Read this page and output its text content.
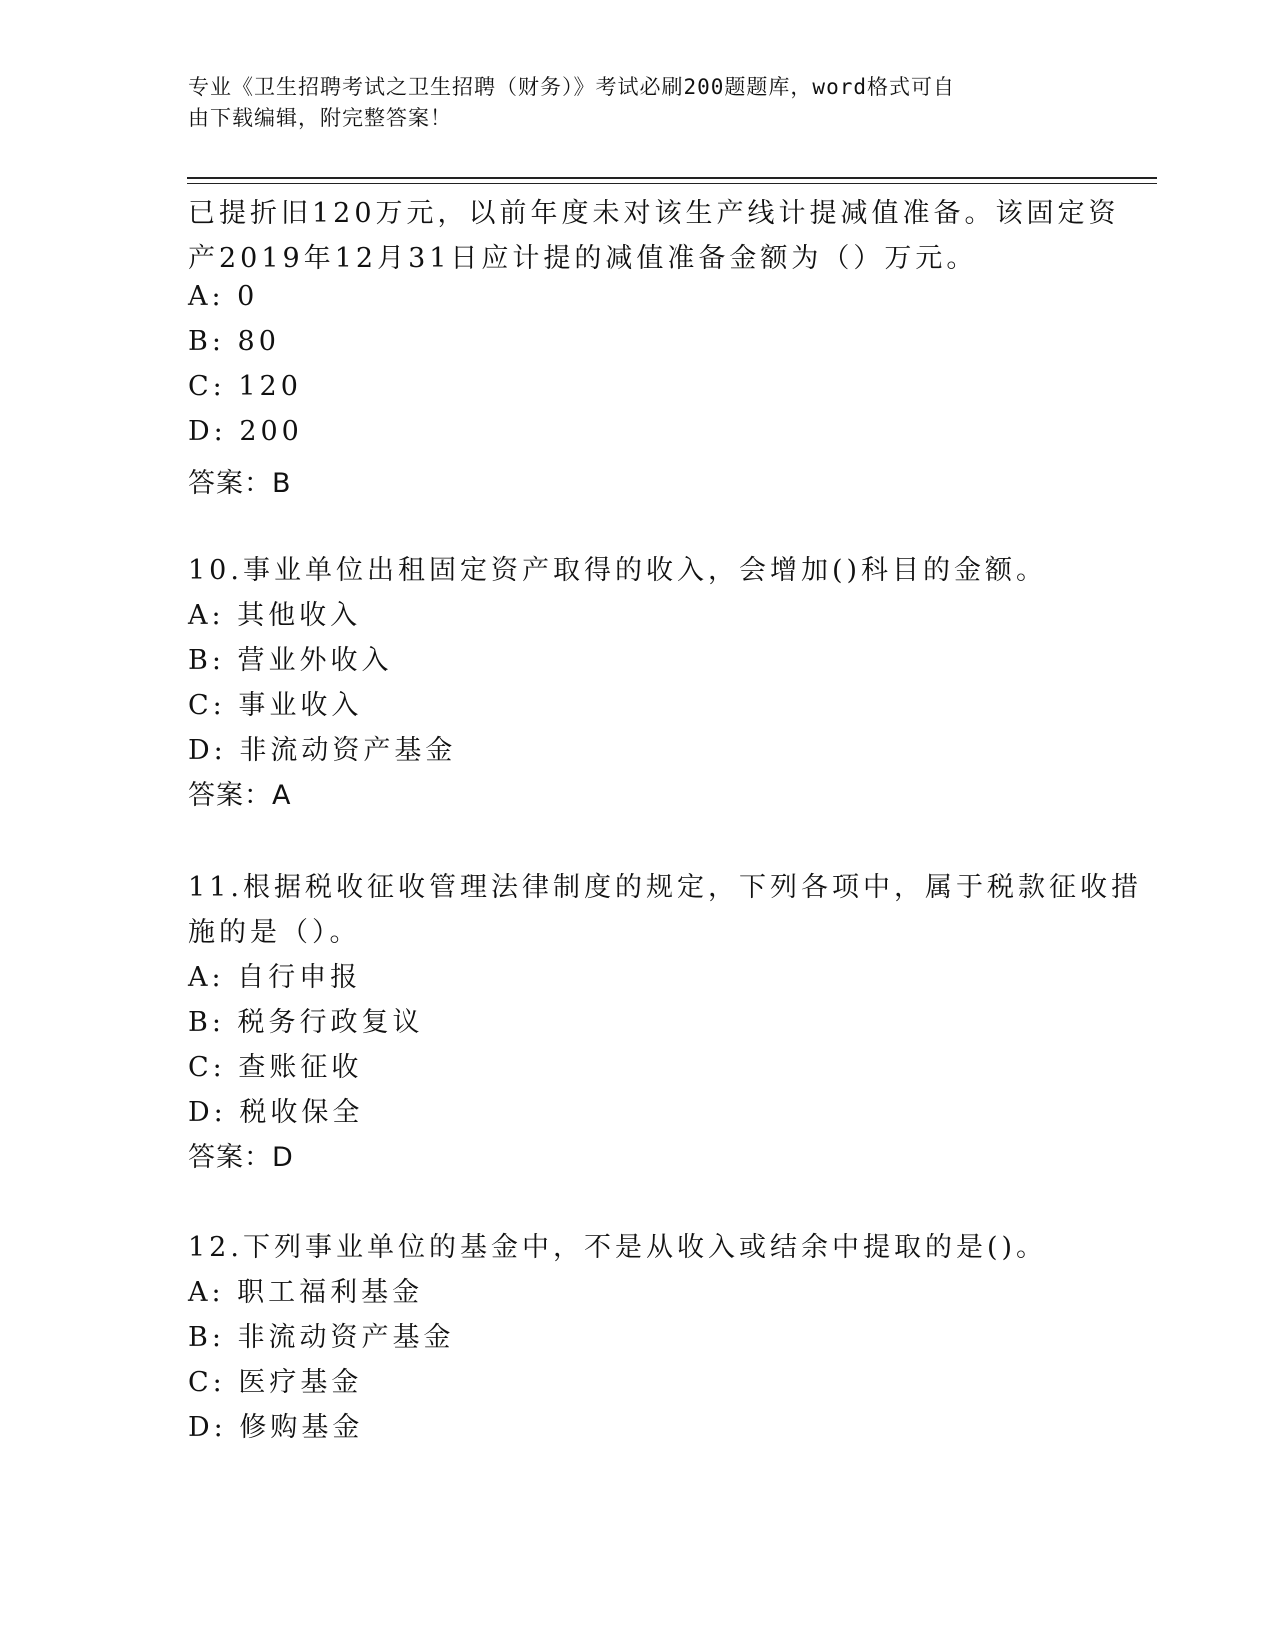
专业《卫生招聘考试之卫生招聘（财务）》考试必刷200题题库，word格式可自
由下载编辑，附完整答案！
已提折旧120万元，以前年度未对该生产线计提减值准备。该固定资
产2019年12月31日应计提的减值准备金额为（）万元。
A: 0
B: 80
C: 120
D: 200
答案：B
10.事业单位出租固定资产取得的收入，会增加()科目的金额。
A: 其他收入
B: 营业外收入
C: 事业收入
D: 非流动资产基金
答案：A
11.根据税收征收管理法律制度的规定，下列各项中，属于税款征收措
施的是（）。
A: 自行申报
B: 税务行政复议
C: 查账征收
D: 税收保全
答案：D
12.下列事业单位的基金中，不是从收入或结余中提取的是()。
A: 职工福利基金
B: 非流动资产基金
C: 医疗基金
D: 修购基金
